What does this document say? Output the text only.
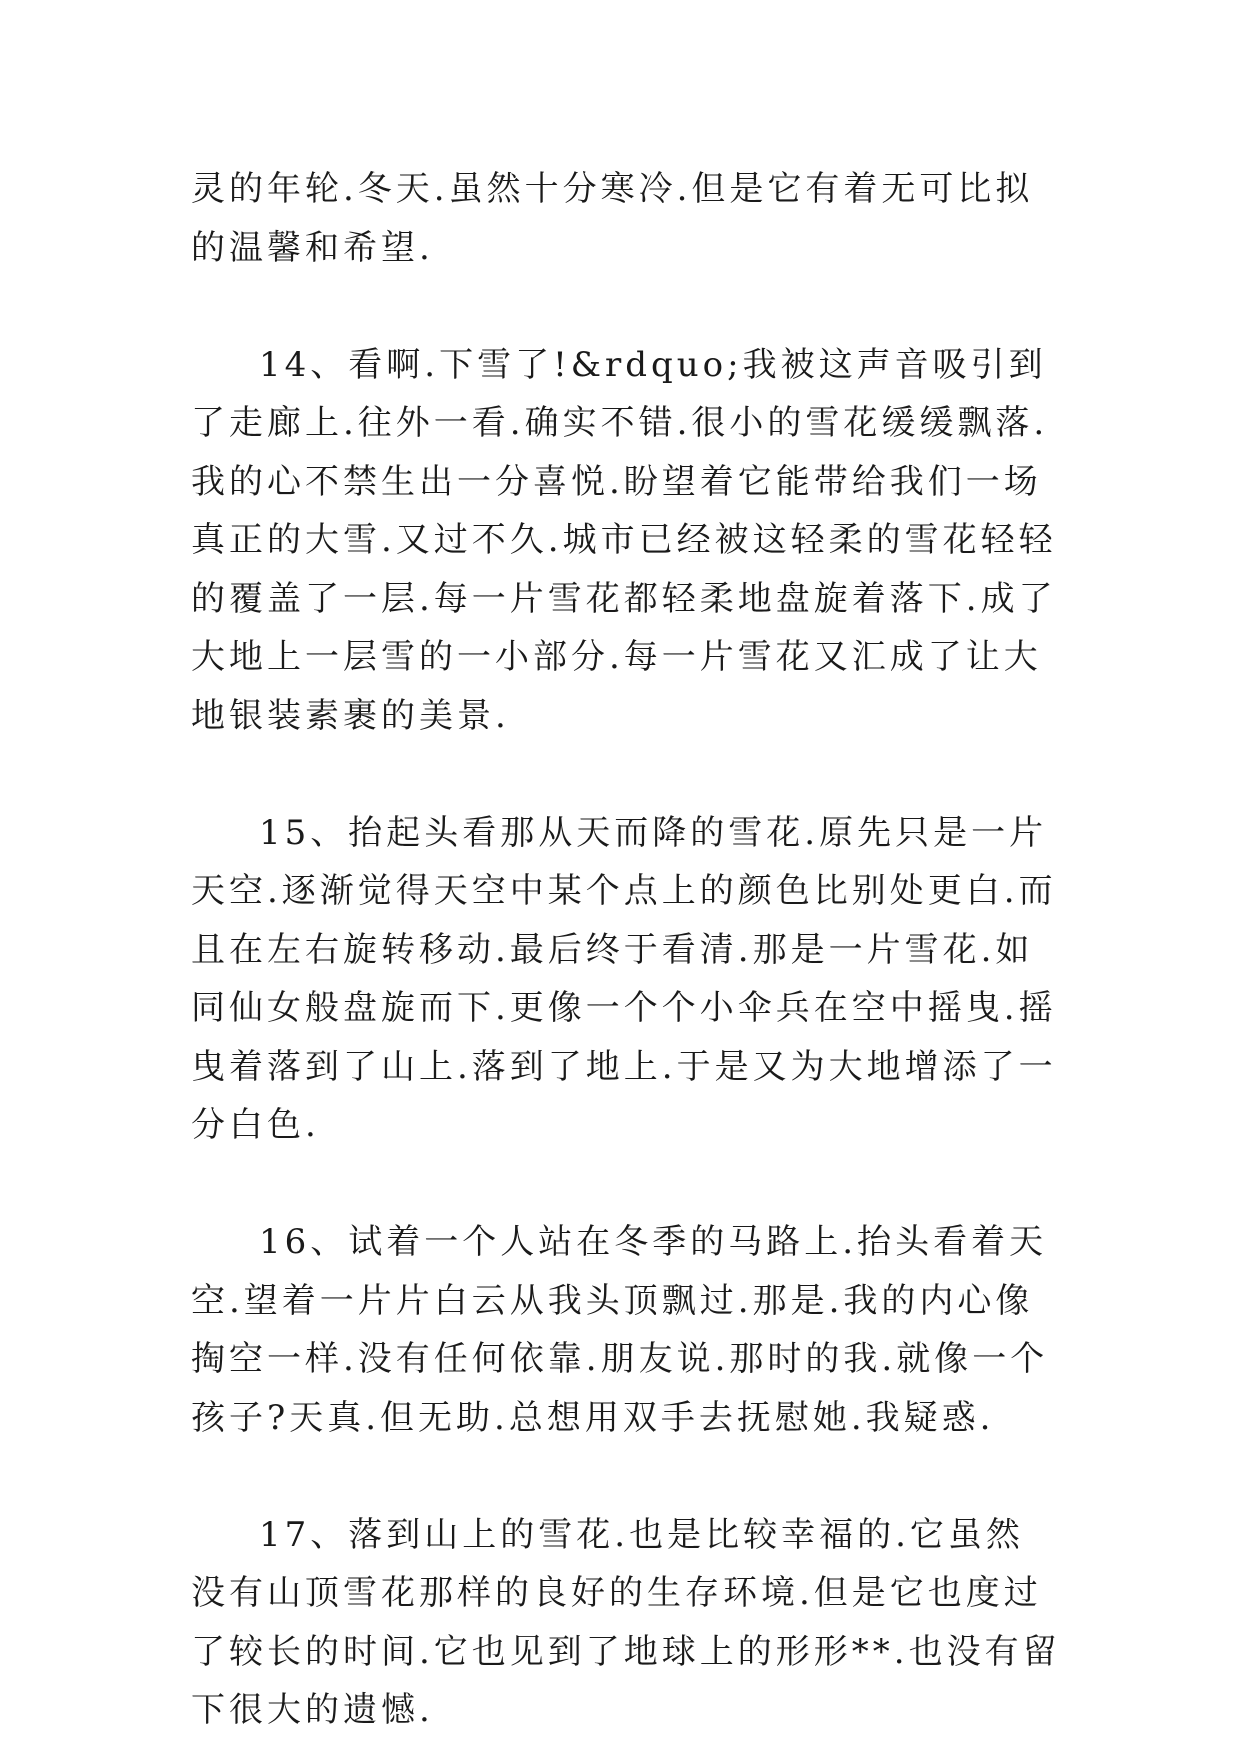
灵的年轮.冬天.虽然十分寒冷.但是它有着无可比拟的温馨和希望.

14、看啊.下雪了!&rdquo;我被这声音吸引到了走廊上.往外一看.确实不错.很小的雪花缓缓飘落.我的心不禁生出一分喜悦.盼望着它能带给我们一场真正的大雪.又过不久.城市已经被这轻柔的雪花轻轻的覆盖了一层.每一片雪花都轻柔地盘旋着落下.成了大地上一层雪的一小部分.每一片雪花又汇成了让大地银装素裹的美景.

15、抬起头看那从天而降的雪花.原先只是一片天空.逐渐觉得天空中某个点上的颜色比别处更白.而且在左右旋转移动.最后终于看清.那是一片雪花.如同仙女般盘旋而下.更像一个个小伞兵在空中摇曳.摇曳着落到了山上.落到了地上.于是又为大地增添了一分白色.

16、试着一个人站在冬季的马路上.抬头看着天空.望着一片片白云从我头顶飘过.那是.我的内心像掏空一样.没有任何依靠.朋友说.那时的我.就像一个孩子?天真.但无助.总想用双手去抚慰她.我疑惑.

17、落到山上的雪花.也是比较幸福的.它虽然没有山顶雪花那样的良好的生存环境.但是它也度过了较长的时间.它也见到了地球上的形形**.也没有留下很大的遗憾.
